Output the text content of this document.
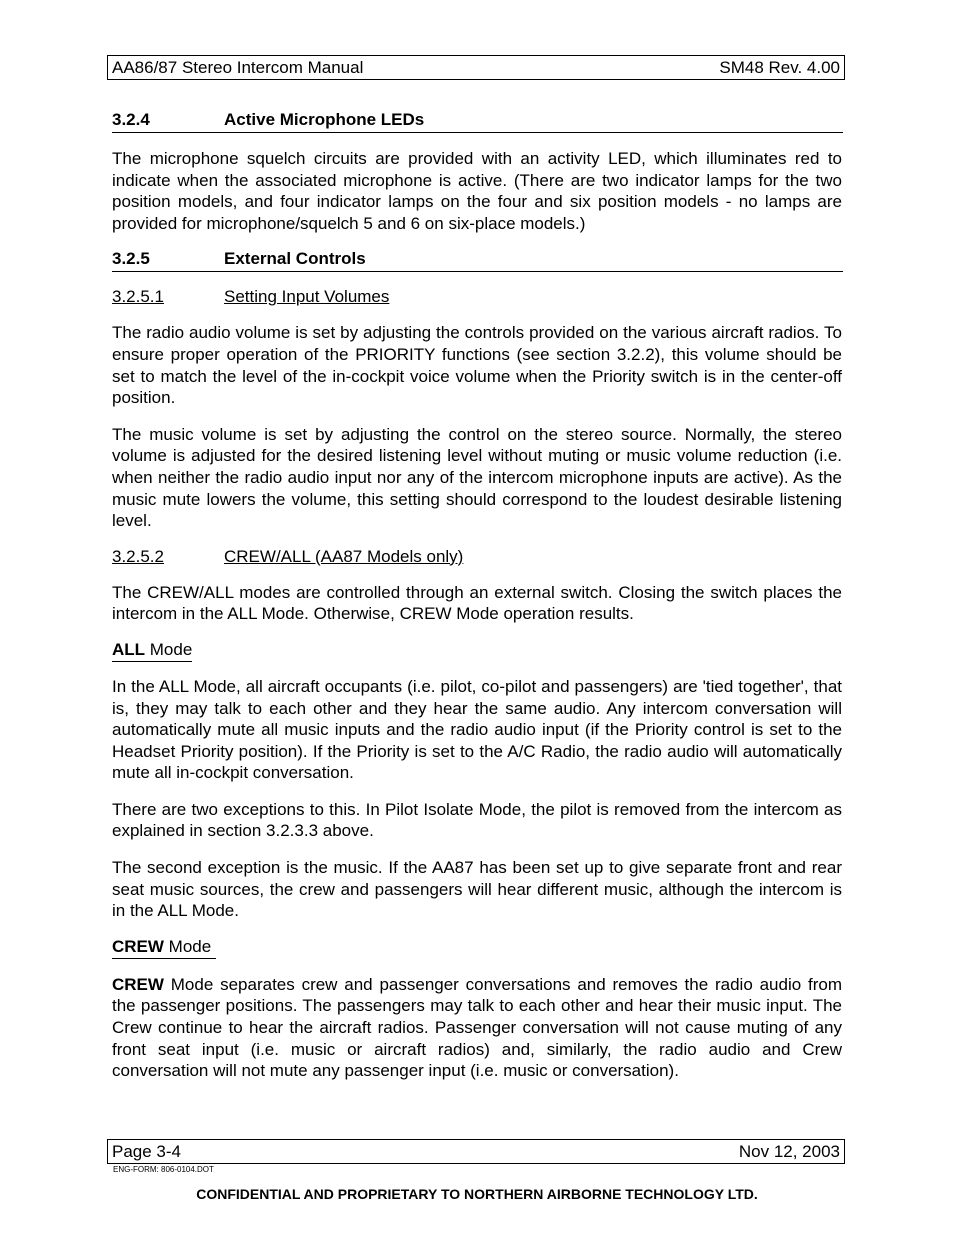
AA86/87 Stereo Intercom Manual	SM48 Rev. 4.00
3.2.4	Active Microphone LEDs

The microphone squelch circuits are provided with an activity LED, which illuminates red to indicate when the associated microphone is active. (There are two indicator lamps for the two position models, and four indicator lamps on the four and six position models - no lamps are provided for microphone/squelch 5 and 6 on six-place models.)

3.2.5	External Controls
3.2.5.1	Setting Input Volumes

The radio audio volume is set by adjusting the controls provided on the various aircraft radios. To ensure proper operation of the PRIORITY functions (see section 3.2.2), this volume should be set to match the level of the in-cockpit voice volume when the Priority switch is in the center-off position.

The music volume is set by adjusting the control on the stereo source. Normally, the stereo volume is adjusted for the desired listening level without muting or music volume reduction (i.e. when neither the radio audio input nor any of the intercom microphone inputs are active). As the music mute lowers the volume, this setting should correspond to the loudest desirable listening level.

3.2.5.2	CREW/ALL (AA87 Models only)

The CREW/ALL modes are controlled through an external switch. Closing the switch places the intercom in the ALL Mode. Otherwise, CREW Mode operation results.

ALL Mode

In the ALL Mode, all aircraft occupants (i.e. pilot, co-pilot and passengers) are 'tied together', that is, they may talk to each other and they hear the same audio. Any intercom conversation will automatically mute all music inputs and the radio audio input (if the Priority control is set to the Headset Priority position). If the Priority is set to the A/C Radio, the radio audio will automatically mute all in-cockpit conversation.

There are two exceptions to this. In Pilot Isolate Mode, the pilot is removed from the intercom as explained in section 3.2.3.3 above.

The second exception is the music. If the AA87 has been set up to give separate front and rear seat music sources, the crew and passengers will hear different music, although the intercom is in the ALL Mode.

CREW Mode

CREW Mode separates crew and passenger conversations and removes the radio audio from the passenger positions. The passengers may talk to each other and hear their music input. The Crew continue to hear the aircraft radios. Passenger conversation will not cause muting of any front seat input (i.e. music or aircraft radios) and, similarly, the radio audio and Crew conversation will not mute any passenger input (i.e. music or conversation).

Page 3-4	Nov 12, 2003
ENG-FORM: 806-0104.DOT
CONFIDENTIAL AND PROPRIETARY TO NORTHERN AIRBORNE TECHNOLOGY LTD.
